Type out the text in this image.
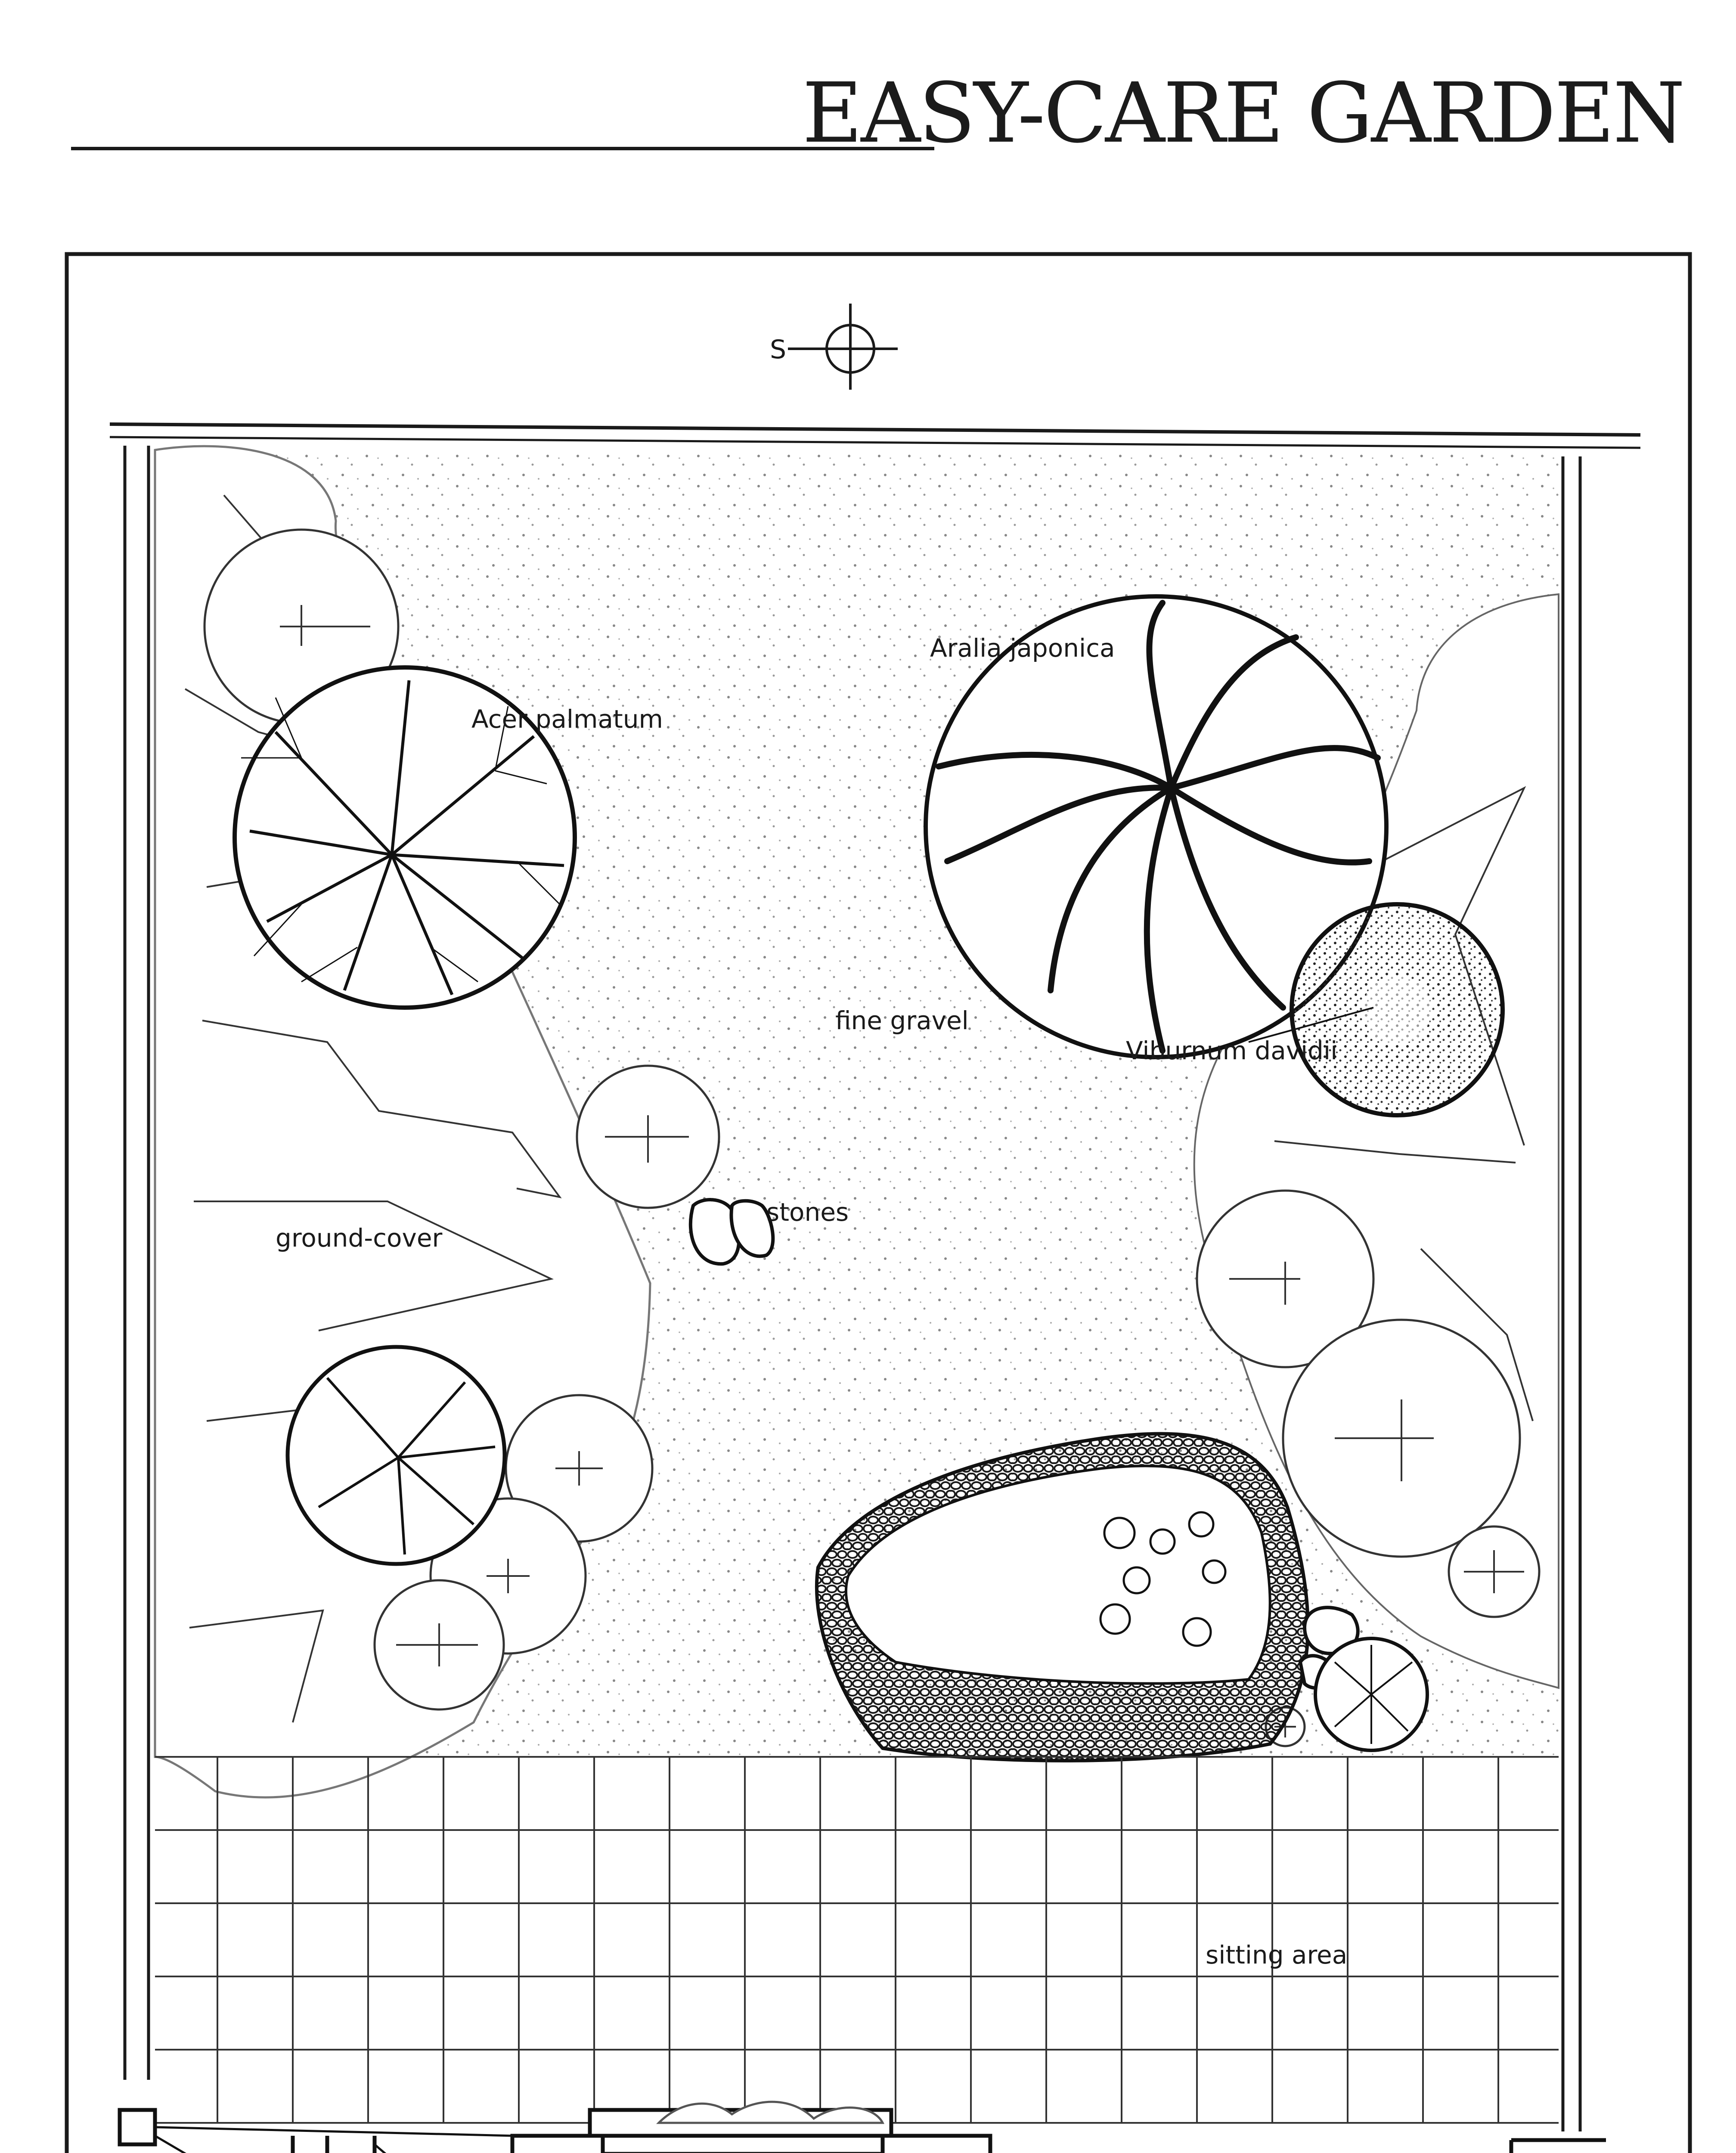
EASY-CARE GARDEN
S
Acer palmatum
Aralia japonica
Viburnum davidii
fine gravel
stones
ground-cover
sitting area
